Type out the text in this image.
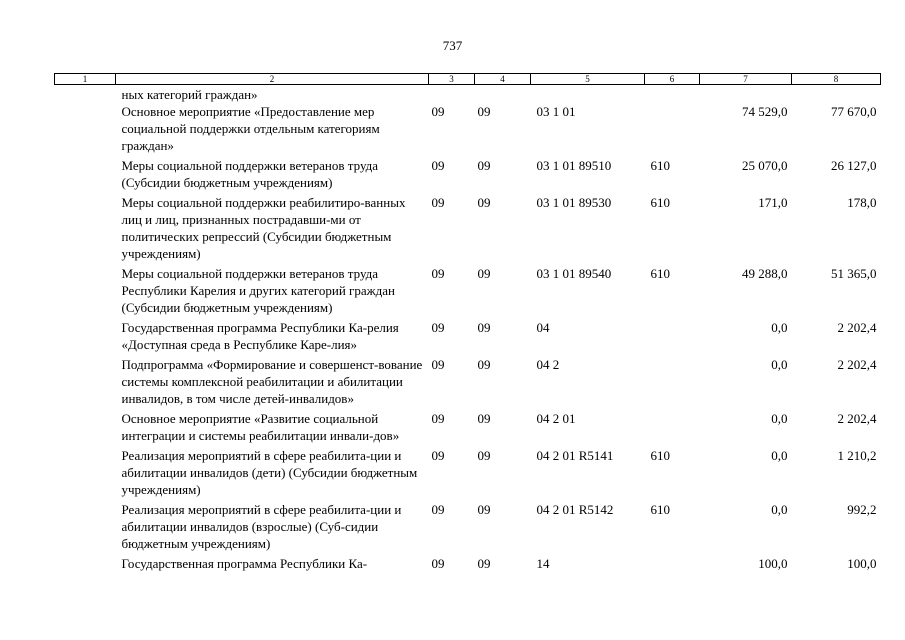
737
1	2	3	4	5	6	7	8
	ных категорий граждан»						
	Основное мероприятие «Предоставление мер социальной поддержки отдельным категориям граждан»	09	09	03 1 01		74 529,0	77 670,0
	Меры социальной поддержки ветеранов труда (Субсидии бюджетным учреждениям)	09	09	03 1 01 89510	610	25 070,0	26 127,0
	Меры социальной поддержки реабилитиро-ванных лиц и лиц, признанных пострадавши-ми от политических репрессий (Субсидии бюджетным учреждениям)	09	09	03 1 01 89530	610	171,0	178,0
	Меры социальной поддержки ветеранов труда Республики Карелия и других категорий граждан (Субсидии бюджетным учреждениям)	09	09	03 1 01 89540	610	49 288,0	51 365,0
	Государственная программа Республики Ка-релия «Доступная среда в Республике Каре-лия»	09	09	04		0,0	2 202,4
	Подпрограмма «Формирование и совершенст-вование системы комплексной реабилитации и абилитации инвалидов, в том числе детей-инвалидов»	09	09	04 2		0,0	2 202,4
	Основное мероприятие «Развитие социальной интеграции и системы реабилитации инвали-дов»	09	09	04 2 01		0,0	2 202,4
	Реализация мероприятий в сфере реабилита-ции и абилитации инвалидов (дети) (Субсидии бюджетным учреждениям)	09	09	04 2 01 R5141	610	0,0	1 210,2
	Реализация мероприятий в сфере реабилита-ции и абилитации инвалидов (взрослые) (Суб-сидии бюджетным учреждениям)	09	09	04 2 01 R5142	610	0,0	992,2
	Государственная программа Республики Ка-	09	09	14		100,0	100,0
